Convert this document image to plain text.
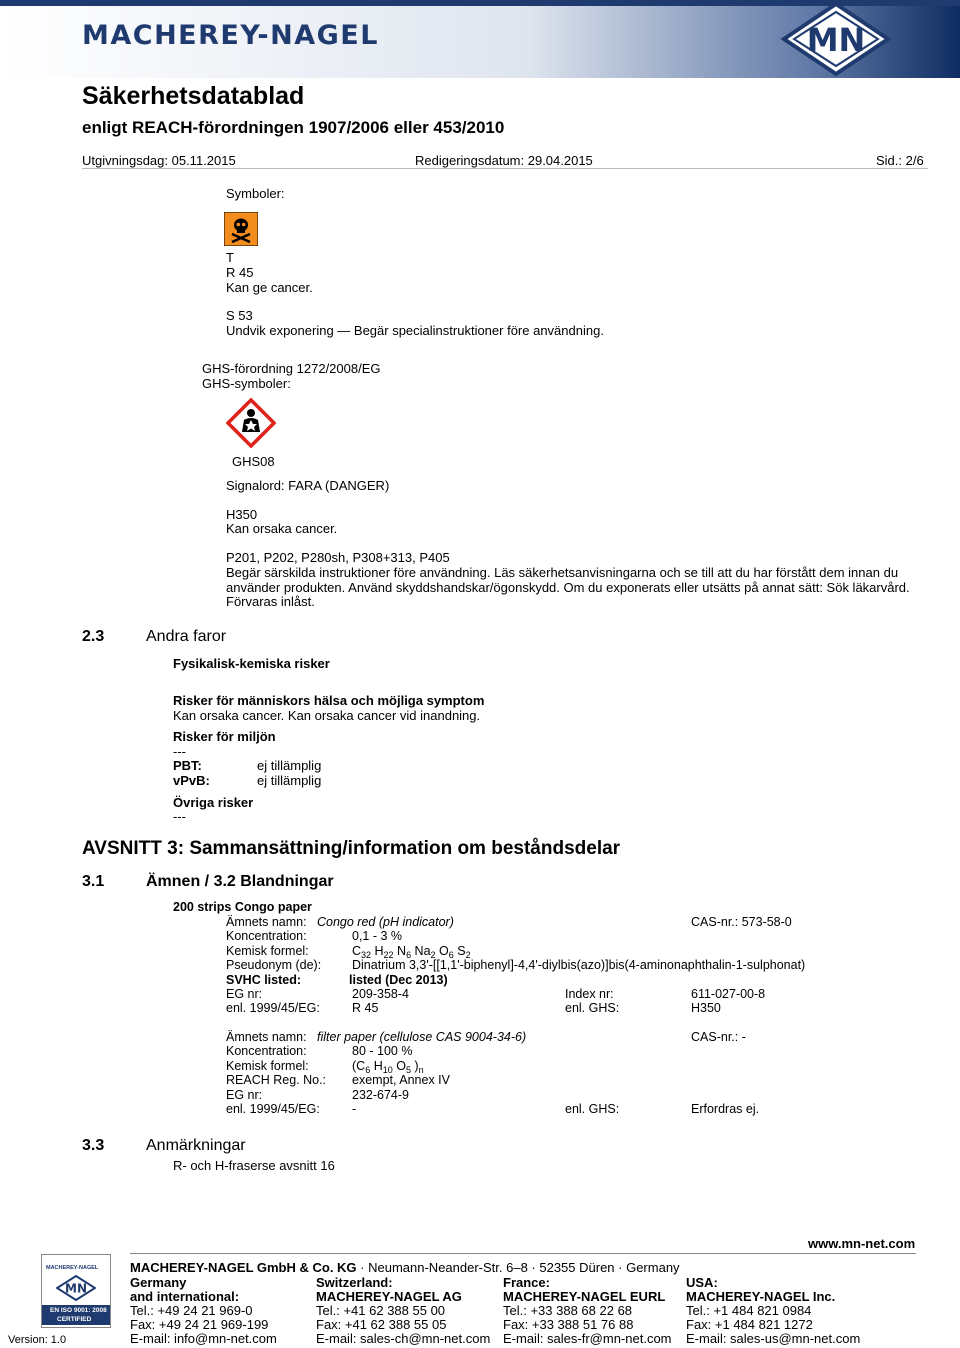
MACHEREY-NAGEL	MN
Säkerhetsdatablad
enligt REACH-förordningen 1907/2006 eller 453/2010
Utgivningsdag: 05.11.2015	Redigeringsdatum: 29.04.2015	Sid.: 2/6
Symboler:
T
R 45
Kan ge cancer.
S 53
Undvik exponering — Begär specialinstruktioner före användning.
GHS-förordning 1272/2008/EG
GHS-symboler:
GHS08
Signalord: FARA (DANGER)
H350
Kan orsaka cancer.
P201, P202, P280sh, P308+313, P405
Begär särskilda instruktioner före användning. Läs säkerhetsanvisningarna och se till att du har förstått dem innan du
använder produkten. Använd skyddshandskar/ögonskydd. Om du exponerats eller utsätts på annat sätt: Sök läkarvård.
Förvaras inlåst.
2.3	Andra faror
Fysikalisk-kemiska risker
Risker för människors hälsa och möjliga symptom
Kan orsaka cancer. Kan orsaka cancer vid inandning.
Risker för miljön
---
PBT:	ej tillämplig
vPvB:	ej tillämplig
Övriga risker
---
AVSNITT 3: Sammansättning/information om beståndsdelar
3.1	Ämnen / 3.2 Blandningar
200 strips Congo paper
Ämnets namn: Congo red (pH indicator)	CAS-nr.: 573-58-0
Koncentration:	0,1 - 3 %
Kemisk formel:	$C_{32}$ $H_{22}$ $N_6$ $Na_2$ $O_6$ $S_2$
Pseudonym (de): Dinatrium 3,3'-[[1,1'-biphenyl]-4,4'-diylbis(azo)]bis(4-aminonaphthalin-1-sulphonat)
SVHC listed:	listed (Dec 2013)
EG nr:	209-358-4	Index nr:	611-027-00-8
enl. 1999/45/EG:	R 45	enl. GHS:	H350
Ämnets namn: filter paper (cellulose CAS 9004-34-6)	CAS-nr.: -
Koncentration:	80 - 100 %
Kemisk formel:	($C_6$ $H_{10}$ $O_5$ )$_n$
REACH Reg. No.: exempt, Annex IV
EG nr:	232-674-9
enl. 1999/45/EG:	-	enl. GHS:	Erfordras ej.
3.3	Anmärkningar
R- och H-fraserse avsnitt 16
www.mn-net.com
MACHEREY-NAGEL
MN
EN ISO 9001: 2008
CERTIFIED
Version: 1.0
MACHEREY-NAGEL GmbH & Co. KG · Neumann-Neander-Str. 6–8 · 52355 Düren · Germany
Germany
and international:
Tel.: +49 24 21 969-0
Fax: +49 24 21 969-199
E-mail: info@mn-net.com
Switzerland:
MACHEREY-NAGEL AG
Tel.: +41 62 388 55 00
Fax: +41 62 388 55 05
E-mail: sales-ch@mn-net.com
France:
MACHEREY-NAGEL EURL
Tel.: +33 388 68 22 68
Fax: +33 388 51 76 88
E-mail: sales-fr@mn-net.com
USA:
MACHEREY-NAGEL Inc.
Tel.: +1 484 821 0984
Fax: +1 484 821 1272
E-mail: sales-us@mn-net.com
